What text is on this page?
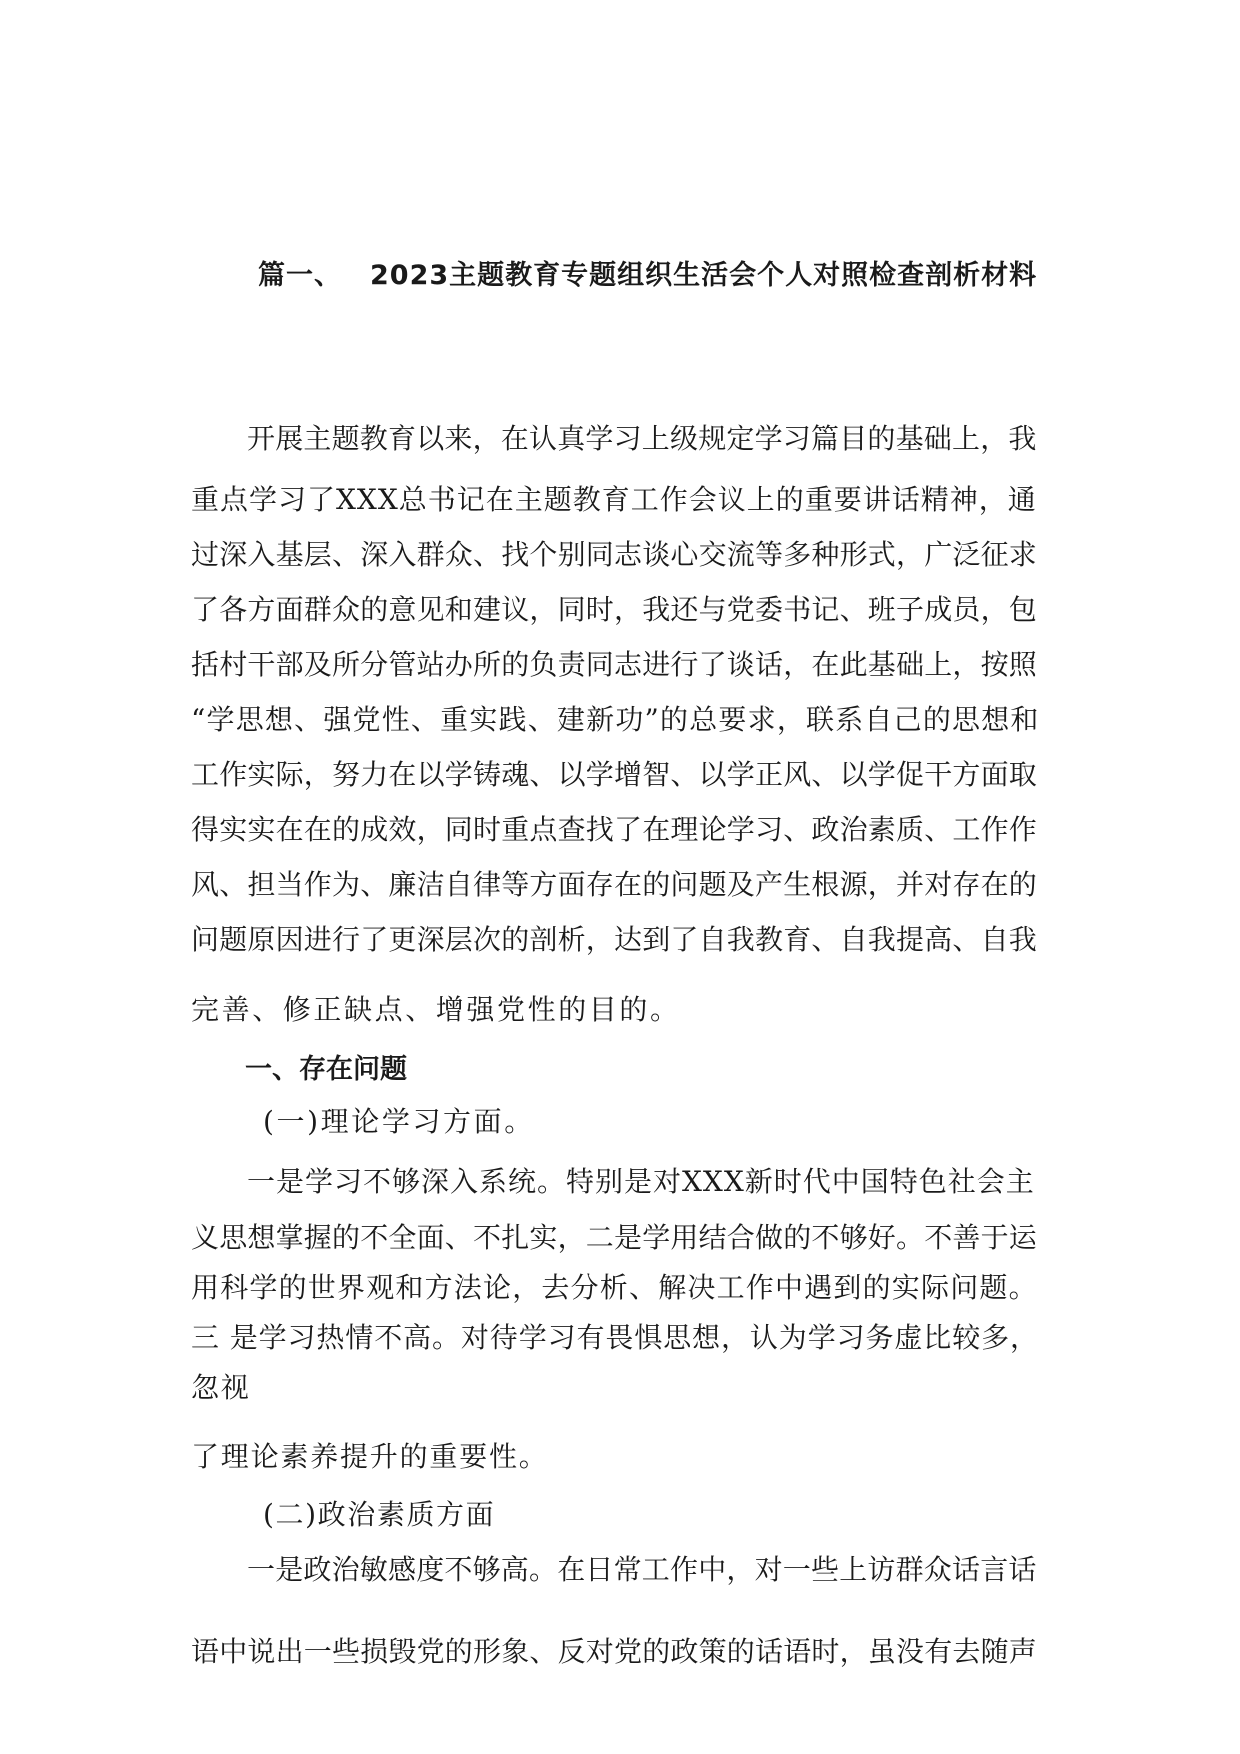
篇一、 2023主题教育专题组织生活会个人对照检查剖析材料
开展主题教育以来，在认真学习上级规定学习篇目的基础上，我
重点学习了XXX总书记在主题教育工作会议上的重要讲话精神，通
过深入基层、深入群众、找个别同志谈心交流等多种形式，广泛征求
了各方面群众的意见和建议，同时，我还与党委书记、班子成员，包
括村干部及所分管站办所的负责同志进行了谈话，在此基础上，按照
“学思想、强党性、重实践、建新功”的总要求，联系自己的思想和
工作实际，努力在以学铸魂、以学增智、以学正风、以学促干方面取
得实实在在的成效，同时重点查找了在理论学习、政治素质、工作作
风、担当作为、廉洁自律等方面存在的问题及产生根源，并对存在的
问题原因进行了更深层次的剖析，达到了自我教育、自我提高、自我
完善、修正缺点、增强党性的目的。
一、存在问题
(一)理论学习方面。
一是学习不够深入系统。特别是对XXX新时代中国特色社会主
义思想掌握的不全面、不扎实，二是学用结合做的不够好。不善于运
用科学的世界观和方法论，去分析、解决工作中遇到的实际问题。
三 是学习热情不高。对待学习有畏惧思想，认为学习务虚比较多，
忽视
了理论素养提升的重要性。
(二)政治素质方面
一是政治敏感度不够高。在日常工作中，对一些上访群众话言话
语中说出一些损毁党的形象、反对党的政策的话语时，虽没有去随声
